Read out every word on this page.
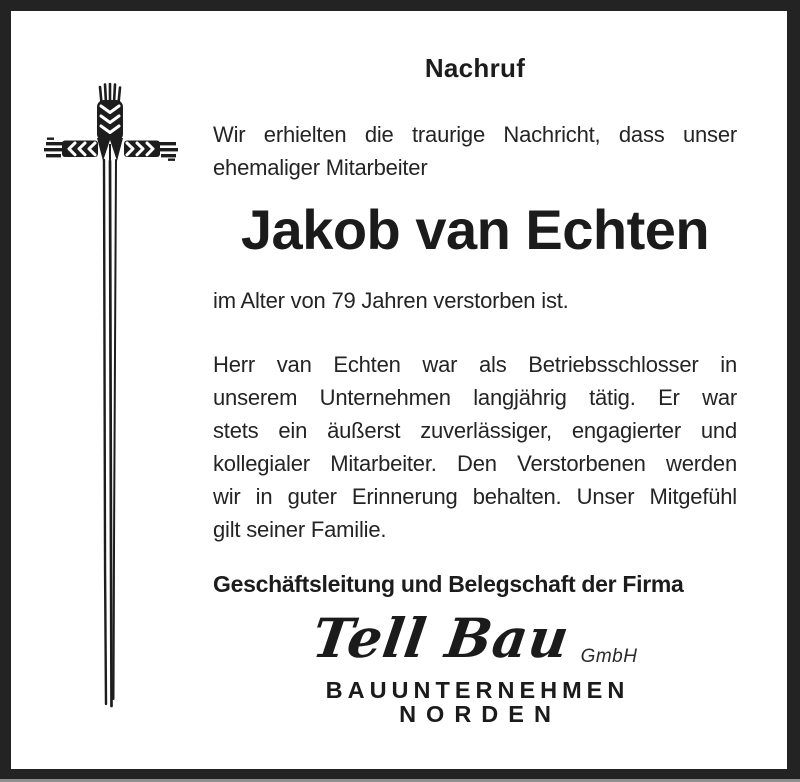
Nachruf
Wir erhielten die traurige Nachricht, dass unser
ehemaliger Mitarbeiter
Jakob van Echten
im Alter von 79 Jahren verstorben ist.
Herr van Echten war als Betriebsschlosser in
unserem Unternehmen langjährig tätig. Er war
stets ein äußerst zuverlässiger, engagierter und
kollegialer Mitarbeiter. Den Verstorbenen werden
wir in guter Erinnerung behalten. Unser Mitgefühl
gilt seiner Familie.
Geschäftsleitung und Belegschaft der Firma
Tell Bau GmbH
BAUUNTERNEHMEN
NORDEN
